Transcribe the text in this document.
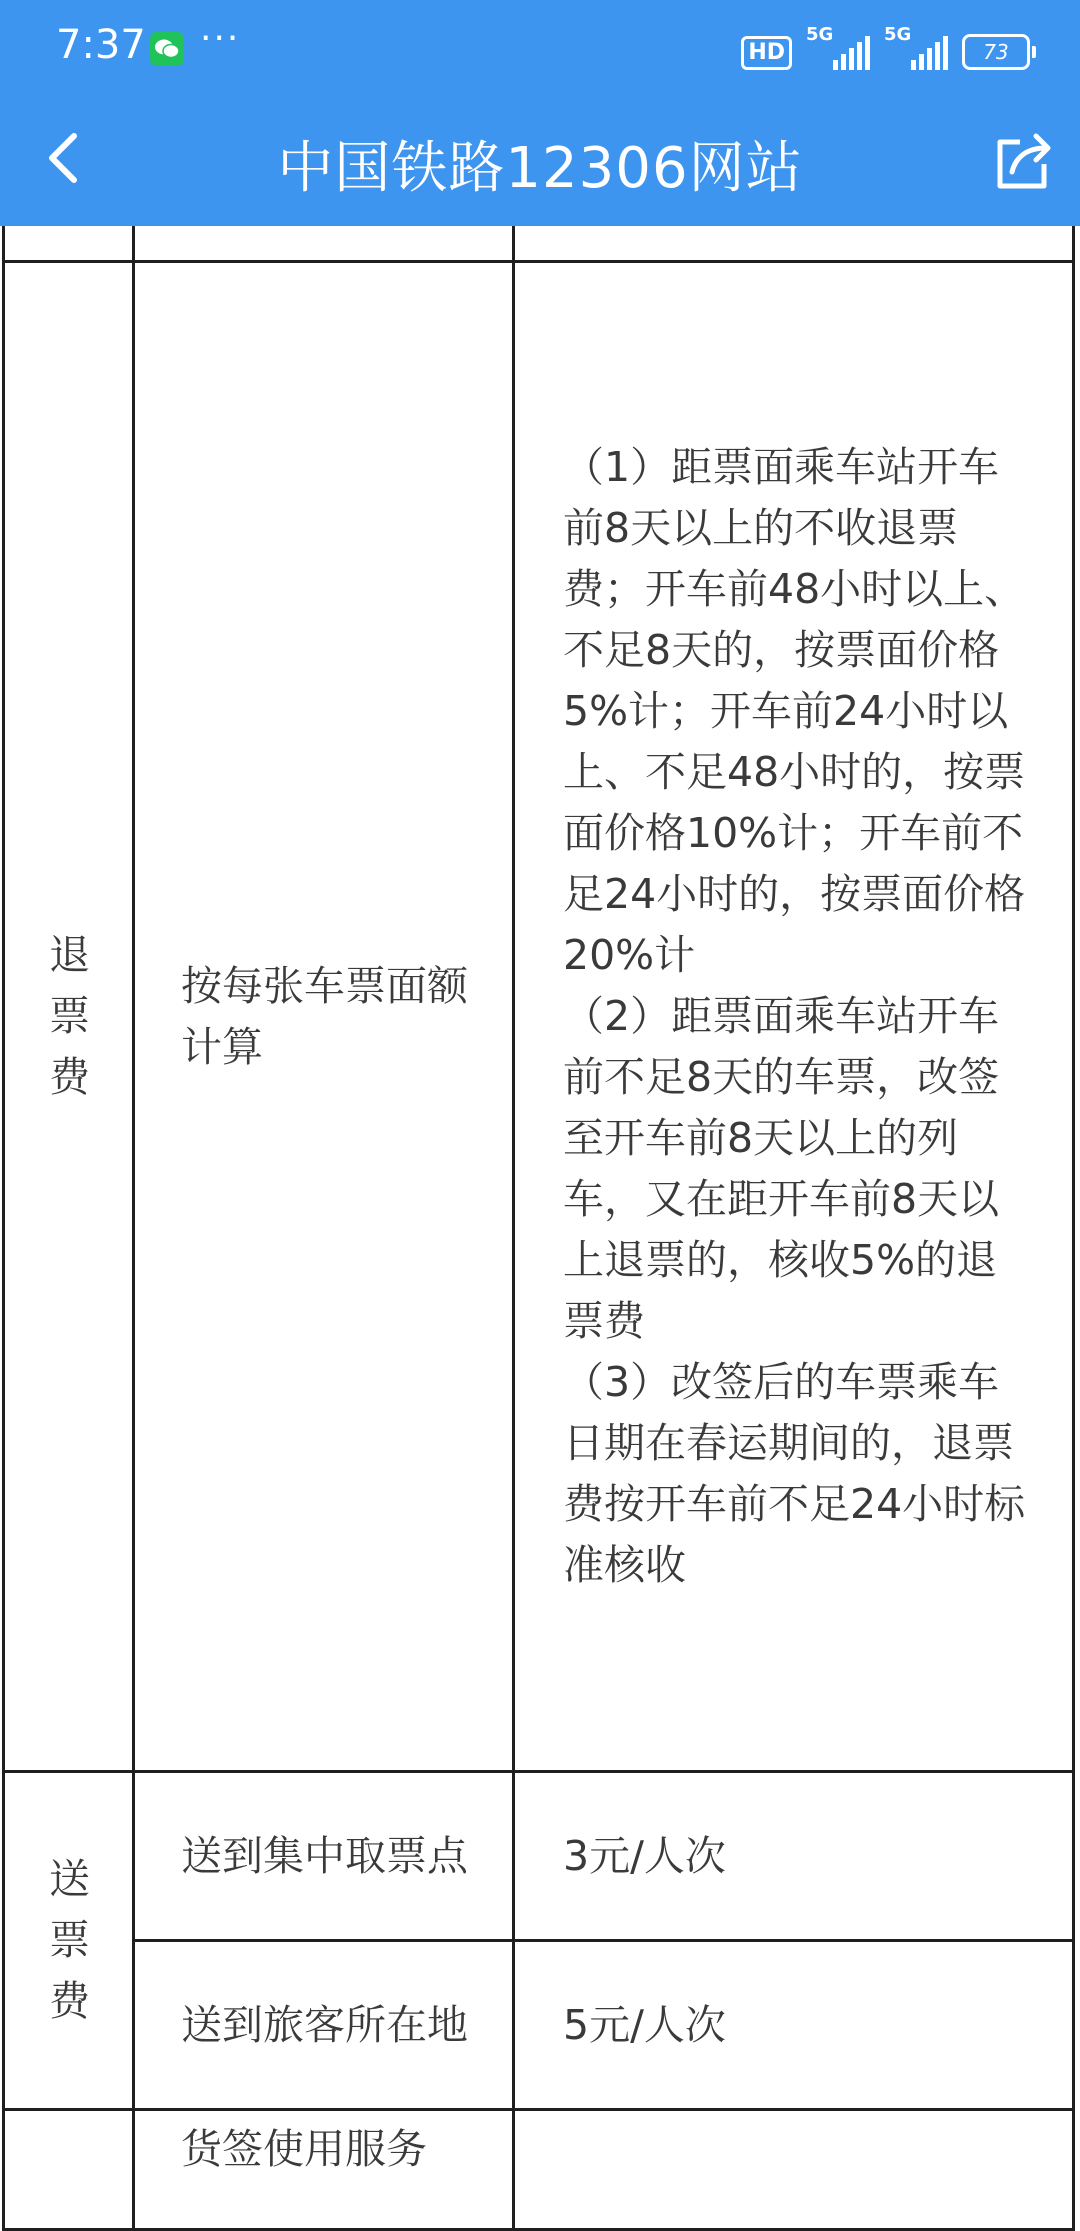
7:37 ···	HD
5G	5G
73
中国铁路12306网站

退票费	按每张车票面额计算	（1）距票面乘车站开车前8天以上的不收退票费；开车前48小时以上、不足8天的，按票面价格5%计；开车前24小时以上、不足48小时的，按票面价格10%计；开车前不足24小时的，按票面价格20%计
（2）距票面乘车站开车前不足8天的车票，改签至开车前8天以上的列车，又在距开车前8天以上退票的，核收5%的退票费
（3）改签后的车票乘车日期在春运期间的，退票费按开车前不足24小时标准核收

送票费	送到集中取票点	3元/人次
	送到旅客所在地	5元/人次
	货签使用服务	
